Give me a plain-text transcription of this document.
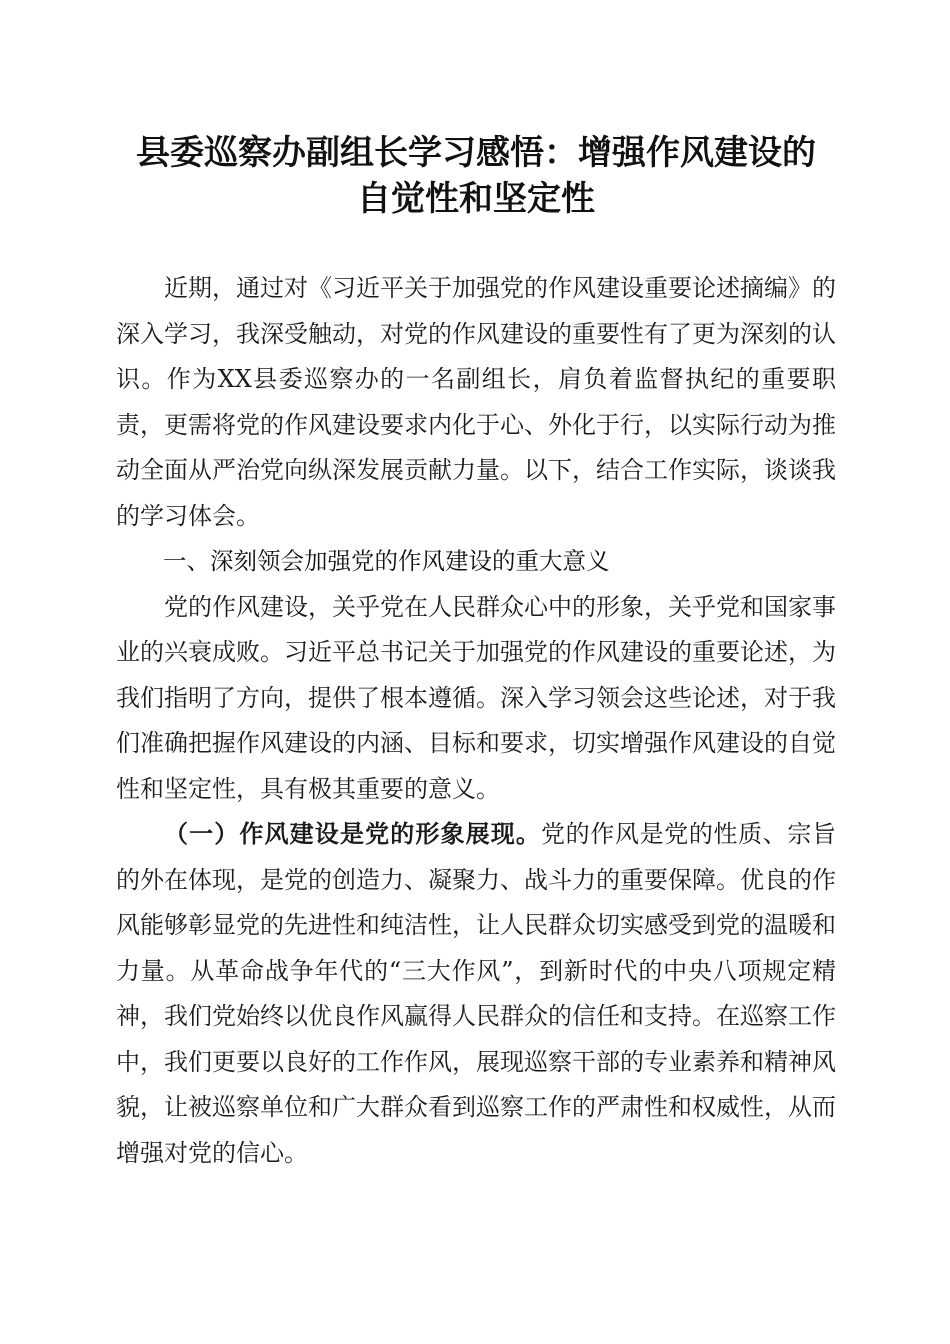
县委巡察办副组长学习感悟：增强作风建设的
自觉性和坚定性

近期，通过对《习近平关于加强党的作风建设重要论述摘编》的深入学习，我深受触动，对党的作风建设的重要性有了更为深刻的认识。作为XX县委巡察办的一名副组长，肩负着监督执纪的重要职责，更需将党的作风建设要求内化于心、外化于行，以实际行动为推动全面从严治党向纵深发展贡献力量。以下，结合工作实际，谈谈我的学习体会。

一、深刻领会加强党的作风建设的重大意义

党的作风建设，关乎党在人民群众心中的形象，关乎党和国家事业的兴衰成败。习近平总书记关于加强党的作风建设的重要论述，为我们指明了方向，提供了根本遵循。深入学习领会这些论述，对于我们准确把握作风建设的内涵、目标和要求，切实增强作风建设的自觉性和坚定性，具有极其重要的意义。

（一）作风建设是党的形象展现。党的作风是党的性质、宗旨的外在体现，是党的创造力、凝聚力、战斗力的重要保障。优良的作风能够彰显党的先进性和纯洁性，让人民群众切实感受到党的温暖和力量。从革命战争年代的“三大作风”，到新时代的中央八项规定精神，我们党始终以优良作风赢得人民群众的信任和支持。在巡察工作中，我们更要以良好的工作作风，展现巡察干部的专业素养和精神风貌，让被巡察单位和广大群众看到巡察工作的严肃性和权威性，从而增强对党的信心。
